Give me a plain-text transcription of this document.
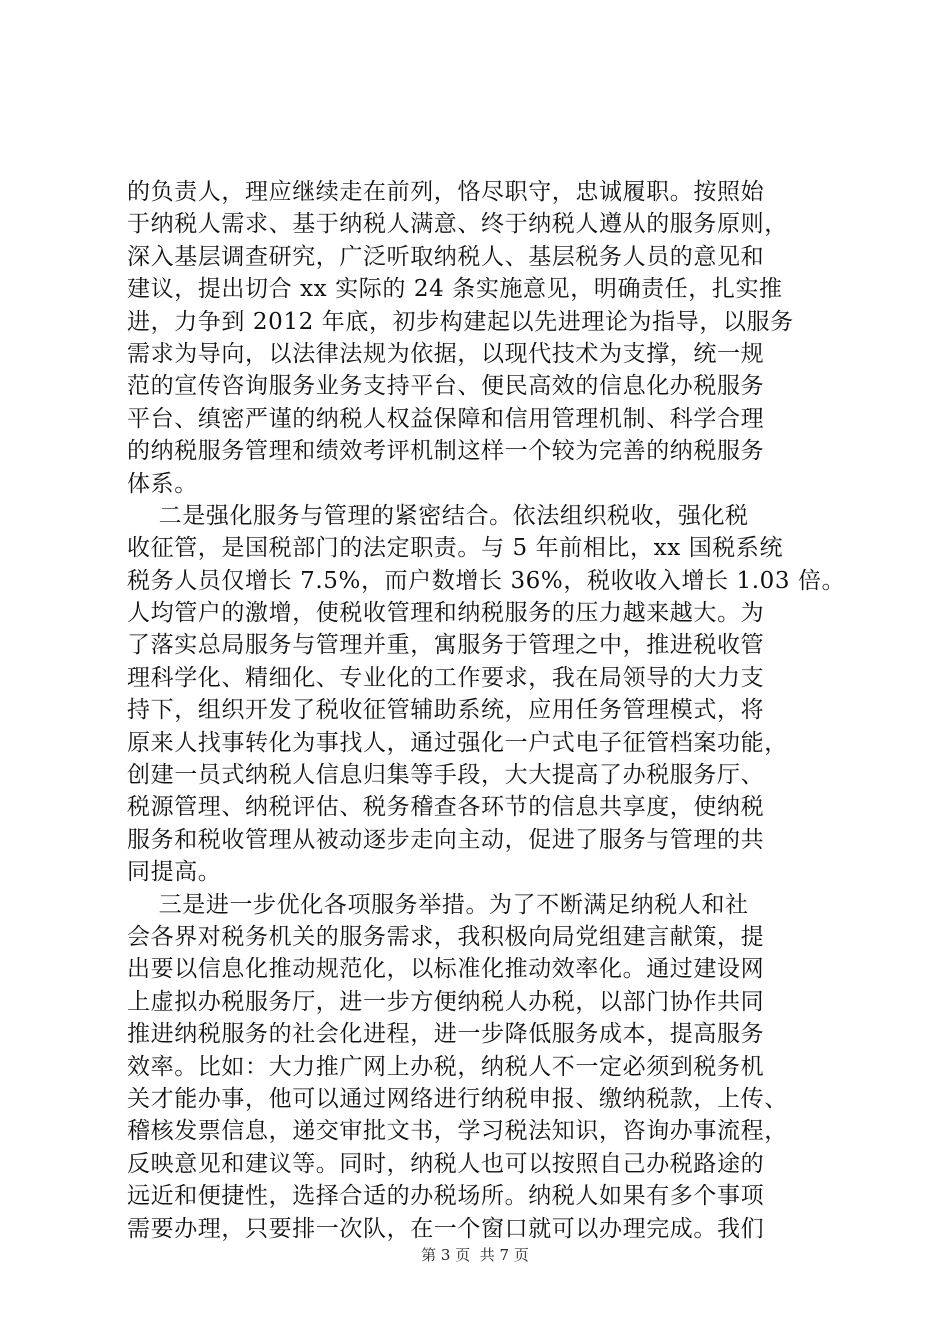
的负责人，理应继续走在前列，恪尽职守，忠诚履职。按照始
于纳税人需求、基于纳税人满意、终于纳税人遵从的服务原则，
深入基层调查研究，广泛听取纳税人、基层税务人员的意见和
建议，提出切合 xx 实际的 24 条实施意见，明确责任，扎实推
进，力争到 2012 年底，初步构建起以先进理论为指导，以服务
需求为导向，以法律法规为依据，以现代技术为支撑，统一规
范的宣传咨询服务业务支持平台、便民高效的信息化办税服务
平台、缜密严谨的纳税人权益保障和信用管理机制、科学合理
的纳税服务管理和绩效考评机制这样一个较为完善的纳税服务
体系。
二是强化服务与管理的紧密结合。依法组织税收，强化税
收征管，是国税部门的法定职责。与 5 年前相比，xx 国税系统
税务人员仅增长 7.5%，而户数增长 36%，税收收入增长 1.03 倍。
人均管户的激增，使税收管理和纳税服务的压力越来越大。为
了落实总局服务与管理并重，寓服务于管理之中，推进税收管
理科学化、精细化、专业化的工作要求，我在局领导的大力支
持下，组织开发了税收征管辅助系统，应用任务管理模式，将
原来人找事转化为事找人，通过强化一户式电子征管档案功能，
创建一员式纳税人信息归集等手段，大大提高了办税服务厅、
税源管理、纳税评估、税务稽查各环节的信息共享度，使纳税
服务和税收管理从被动逐步走向主动，促进了服务与管理的共
同提高。
三是进一步优化各项服务举措。为了不断满足纳税人和社
会各界对税务机关的服务需求，我积极向局党组建言献策，提
出要以信息化推动规范化，以标准化推动效率化。通过建设网
上虚拟办税服务厅，进一步方便纳税人办税，以部门协作共同
推进纳税服务的社会化进程，进一步降低服务成本，提高服务
效率。比如：大力推广网上办税，纳税人不一定必须到税务机
关才能办事，他可以通过网络进行纳税申报、缴纳税款，上传、
稽核发票信息，递交审批文书，学习税法知识，咨询办事流程，
反映意见和建议等。同时，纳税人也可以按照自己办税路途的
远近和便捷性，选择合适的办税场所。纳税人如果有多个事项
需要办理，只要排一次队，在一个窗口就可以办理完成。我们
第 3 页  共 7 页
